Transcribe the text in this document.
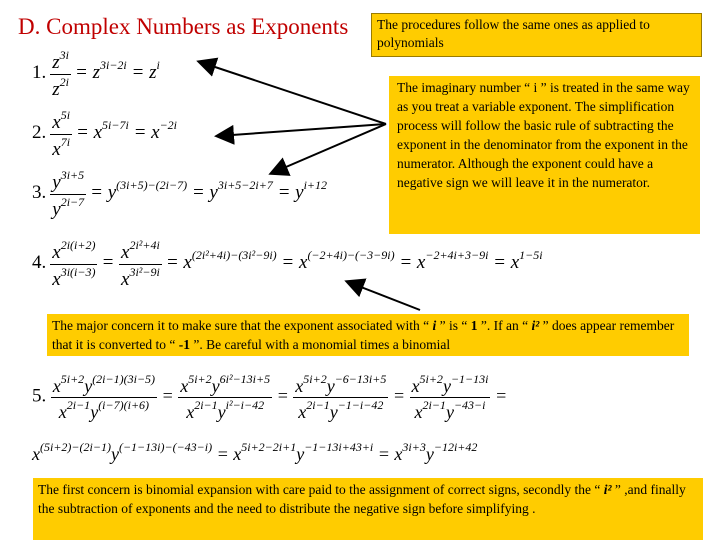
D. Complex Numbers as Exponents	The procedures follow the same ones as applied to polynomials
The imaginary number “ i ” is treated in the same way as you treat a variable exponent. The simplification process will follow the basic rule of subtracting the exponent in the denominator from the exponent in the numerator. Although the exponent could have a negative sign we will leave it in the numerator.
The major concern it to make sure that the exponent associated with “ i ” is “ 1 ”. If an “ i² ” does appear remember that it is converted to “ -1 ”. Be careful with a monomial times a binomial
The first concern is binomial expansion with care paid to the assignment of correct signs, secondly the “ i² ” ,and finally the subtraction of exponents and the need to distribute the negative sign before simplifying .
1. $\frac{z^{3i}}{z^{2i}} = z^{3i-2i} = z^i$
2. $\frac{x^{5i}}{x^{7i}} = x^{5i-7i} = x^{-2i}$
3. $\frac{y^{3i+5}}{y^{2i-7}} = y^{(3i+5)-(2i-7)} = y^{3i+5-2i+7} = y^{i+12}$
4. $\frac{x^{2i(i+2)}}{x^{3i(i-3)}} = \frac{x^{2i^2+4i}}{x^{3i^2-9i}} = x^{(2i^2+4i)-(3i^2-9i)} = x^{(-2+4i)-(-3-9i)} = x^{-2+4i+3-9i} = x^{1-5i}$
5. $\frac{x^{5i+2}y^{(2i-1)(3i-5)}}{x^{2i-1}y^{(i-7)(i+6)}} = \frac{x^{5i+2}y^{6i^2-13i+5}}{x^{2i-1}y^{i^2-i-42}} = \frac{x^{5i+2}y^{-6-13i+5}}{x^{2i-1}y^{-1-i-42}} = \frac{x^{5i+2}y^{-1-13i}}{x^{2i-1}y^{-43-i}}$ =
$x^{(5i+2)-(2i-1)}y^{(-1-13i)-(-43-i)} = x^{5i+2-2i+1}y^{-1-13i+43+i} = x^{3i+3}y^{-12i+42}$
